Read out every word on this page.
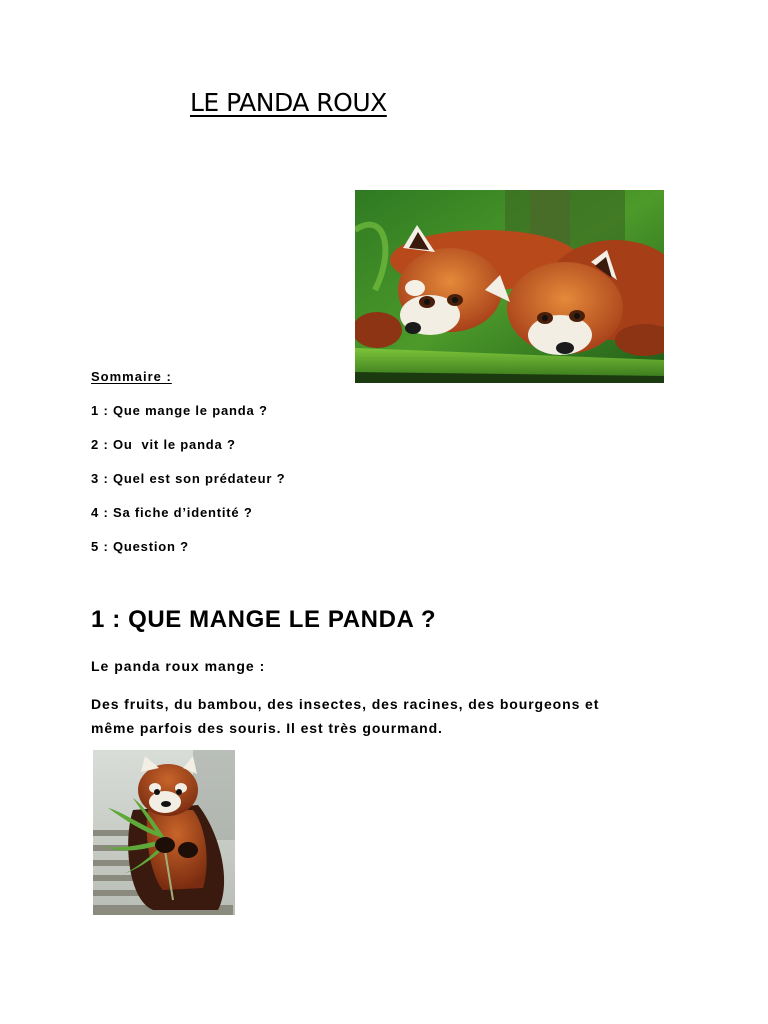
LE PANDA ROUX
Sommaire :
1 : Que mange le panda ?
2 : Ou  vit le panda ?
3 : Quel est son prédateur ?
4 : Sa fiche d’identité ?
5 : Question ?
1 : QUE MANGE LE PANDA ?
Le panda roux mange :

Des fruits, du bambou, des insectes, des racines, des bourgeons et
même parfois des souris. Il est très gourmand.
